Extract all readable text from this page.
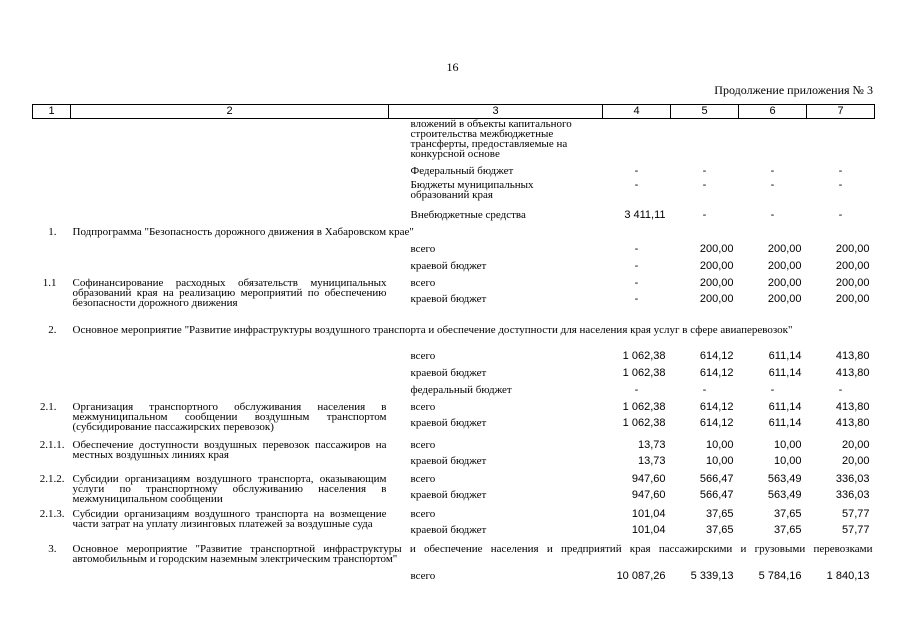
16
Продолжение приложения № 3
1	2	3	4	5	6	7

		вложений в объекты капитального строительства межбюджетные трансферты, предоставляемые на конкурсной основе				

		Федеральный бюджет	-	-	-	-
		Бюджеты муниципальных образований края	-	-	-	-
		Внебюджетные средства	3 411,11	-	-	-
1.	Подпрограмма "Безопасность дорожного движения в Хабаровском крае"					
		всего	-	200,00	200,00	200,00
		краевой бюджет	-	200,00	200,00	200,00
1.1	Софинансирование расходных обязательств муниципальных образований края на реализацию мероприятий по обеспечению безопасности дорожного движения	всего	-	200,00	200,00	200,00
		краевой бюджет	-	200,00	200,00	200,00
2.	Основное мероприятие "Развитие инфраструктуры воздушного транспорта и обеспечение доступности для населения края услуг в сфере авиаперевозок"					
		всего	1 062,38	614,12	611,14	413,80
		краевой бюджет	1 062,38	614,12	611,14	413,80
		федеральный бюджет	-	-	-	-
2.1.	Организация транспортного обслуживания населения в межмуниципальном сообщении воздушным транспортом (субсидирование пассажирских перевозок)	всего	1 062,38	614,12	611,14	413,80
		краевой бюджет	1 062,38	614,12	611,14	413,80
2.1.1.	Обеспечение доступности воздушных перевозок пассажиров на местных воздушных линиях края	всего	13,73	10,00	10,00	20,00
		краевой бюджет	13,73	10,00	10,00	20,00
2.1.2.	Субсидии организациям воздушного транспорта, оказывающим услуги по транспортному обслуживанию населения в межмуниципальном сообщении	всего	947,60	566,47	563,49	336,03
		краевой бюджет	947,60	566,47	563,49	336,03
2.1.3.	Субсидии организациям воздушного транспорта на возмещение части затрат на уплату лизинговых платежей за воздушные суда	всего	101,04	37,65	37,65	57,77
		краевой бюджет	101,04	37,65	37,65	57,77
3.	Основное мероприятие "Развитие транспортной инфраструктуры и обеспечение населения и предприятий края пассажирскими и грузовыми перевозками автомобильным и городским наземным электрическим транспортом"					
		всего	10 087,26	5 339,13	5 784,16	1 840,13
